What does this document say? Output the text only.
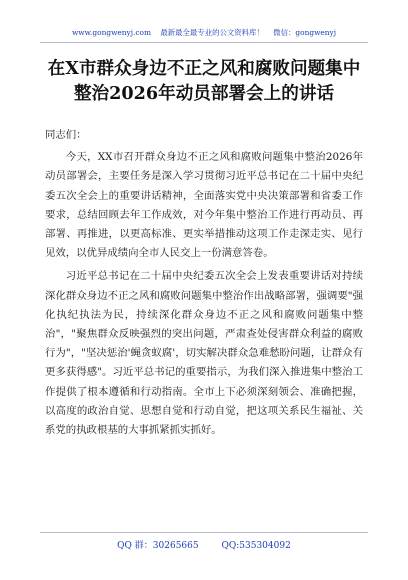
www.gongwenyj.com 最新最全最专业的公文资料库！ 微信：gongwenyj
在X市群众身边不正之风和腐败问题集中
整治2026年动员部署会上的讲话

同志们：

今天，XX市召开群众身边不正之风和腐败问题集中整治2026年动员部署会，主要任务是深入学习贯彻习近平总书记在二十届中央纪委五次全会上的重要讲话精神，全面落实党中央决策部署和省委工作要求，总结回顾去年工作成效，对今年集中整治工作进行再动员、再部署、再推进，以更高标准、更实举措推动这项工作走深走实、见行见效，以优异成绩向全市人民交上一份满意答卷。

习近平总书记在二十届中央纪委五次全会上发表重要讲话对持续深化群众身边不正之风和腐败问题集中整治作出战略部署，强调要"强化执纪执法为民，持续深化群众身边不正之风和腐败问题集中整治"，"聚焦群众反映强烈的突出问题，严肃查处侵害群众利益的腐败行为"，"坚决惩治'蝇贪蚁腐'，切实解决群众急难愁盼问题，让群众有更多获得感"。习近平总书记的重要指示，为我们深入推进集中整治工作提供了根本遵循和行动指南。全市上下必须深刻领会、准确把握，以高度的政治自觉、思想自觉和行动自觉，把这项关系民生福祉、关系党的执政根基的大事抓紧抓实抓好。

QQ 群：30265665	QQ:535304092
